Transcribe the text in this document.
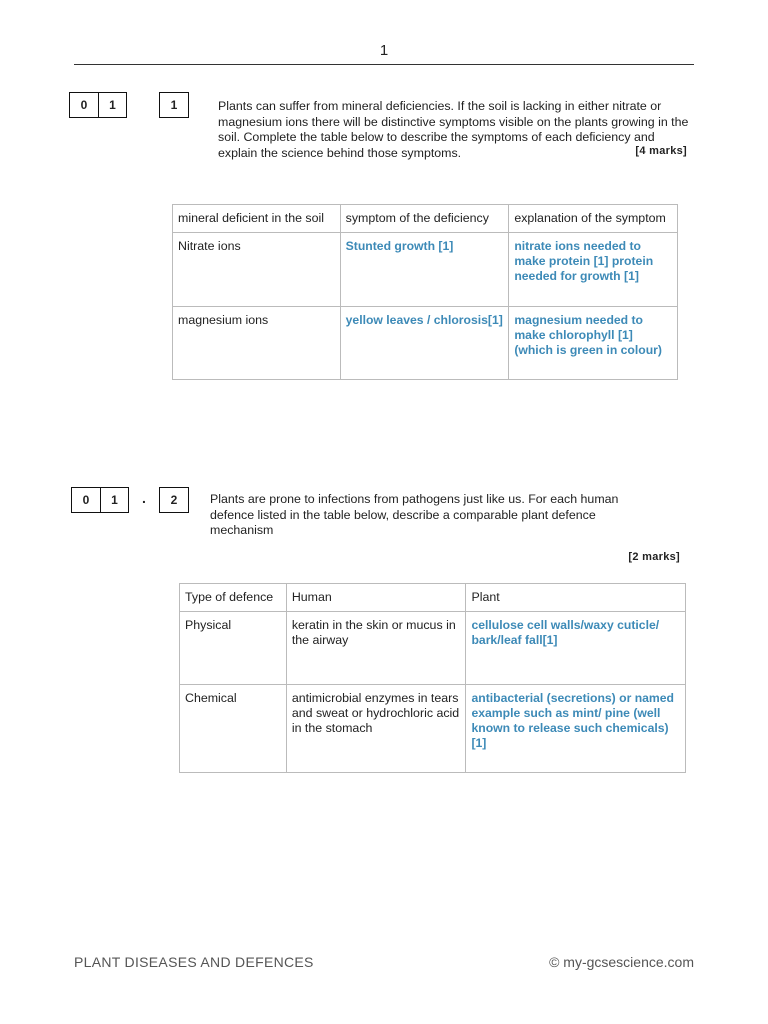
1
0	1	1	Plants can suffer from mineral deficiencies. If the soil is lacking in either nitrate or magnesium ions there will be distinctive symptoms visible on the plants growing in the soil. Complete the table below to describe the symptoms of each deficiency and explain the science behind those symptoms.	[4 marks]
mineral deficient in the soil	symptom of the deficiency	explanation of the symptom
Nitrate ions	Stunted growth [1]	nitrate ions needed to make protein [1] protein needed for growth [1]
magnesium ions	yellow leaves / chlorosis[1]	magnesium needed to make chlorophyll [1] (which is green in colour)
0	1	.	2	Plants are prone to infections from pathogens just like us. For each human defence listed in the table below, describe a comparable plant defence mechanism
[2 marks]
Type of defence	Human	Plant
Physical	keratin in the skin or mucus in the airway	cellulose cell walls/waxy cuticle/ bark/leaf fall[1]
Chemical	antimicrobial enzymes in tears and sweat or hydrochloric acid in the stomach	antibacterial (secretions) or named example such as mint/ pine (well known to release such chemicals) [1]
PLANT DISEASES AND DEFENCES	© my-gcsescience.com
